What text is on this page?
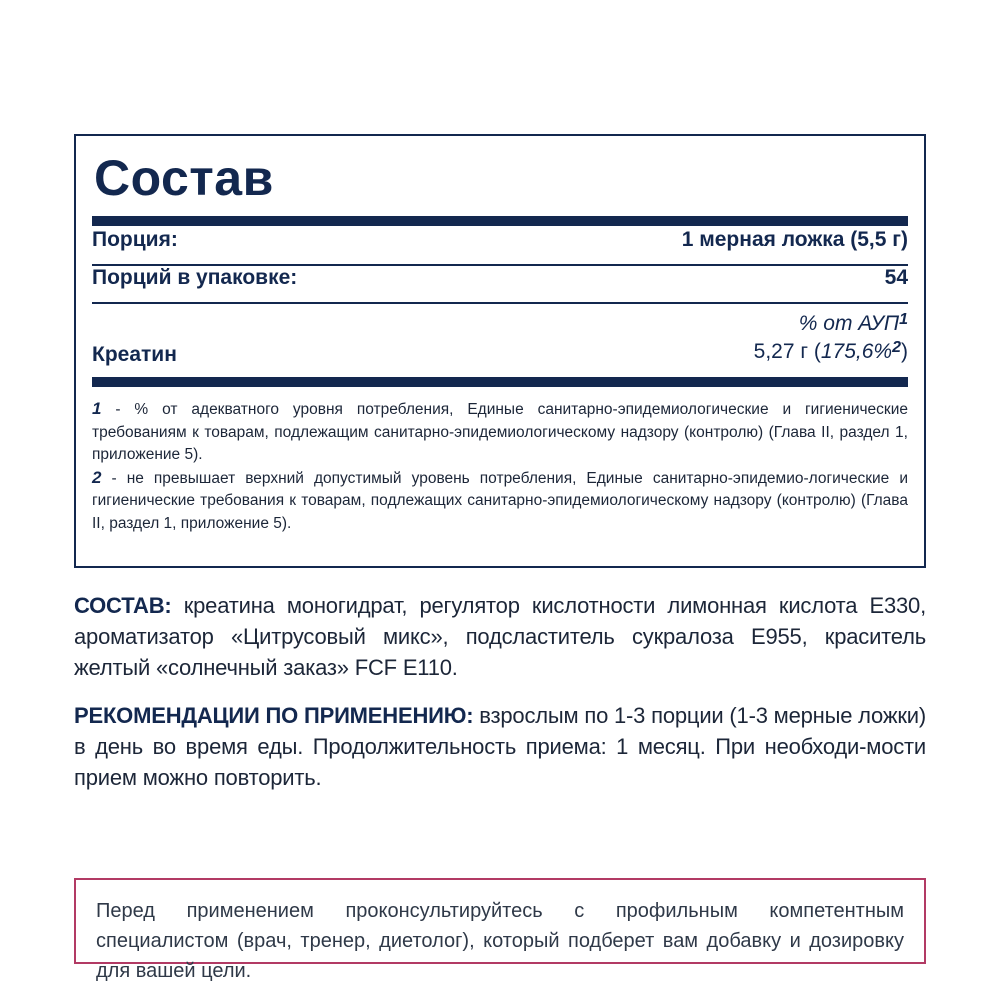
Состав
Порция:	1 мерная ложка (5,5 г)
Порций в упаковке:	54
Креатин
% от АУП$^1$
5,27 г (175,6%$^2$)

1 - % от адекватного уровня потребления, Единые санитарно-эпидемиологические и гигиенические требованиям к товарам, подлежащим санитарно-эпидемиологическому надзору (контролю) (Глава II, раздел 1, приложение 5).

2 - не превышает верхний допустимый уровень потребления, Единые санитарно-эпидемио-логические и гигиенические требования к товарам, подлежащих санитарно-эпидемиологическому надзору (контролю) (Глава II, раздел 1, приложение 5).

СОСТАВ: креатина моногидрат, регулятор кислотности лимонная кислота Е330, ароматизатор «Цитрусовый микс», подсластитель сукралоза Е955, краситель желтый «солнечный заказ» FCF E110.

РЕКОМЕНДАЦИИ ПО ПРИМЕНЕНИЮ: взрослым по 1-3 порции (1-3 мерные ложки) в день во время еды. Продолжительность приема: 1 месяц. При необходи-мости прием можно повторить.

Перед применением проконсультируйтесь с профильным компетентным специалистом (врач, тренер, диетолог), который подберет вам добавку и дозировку для вашей цели.
